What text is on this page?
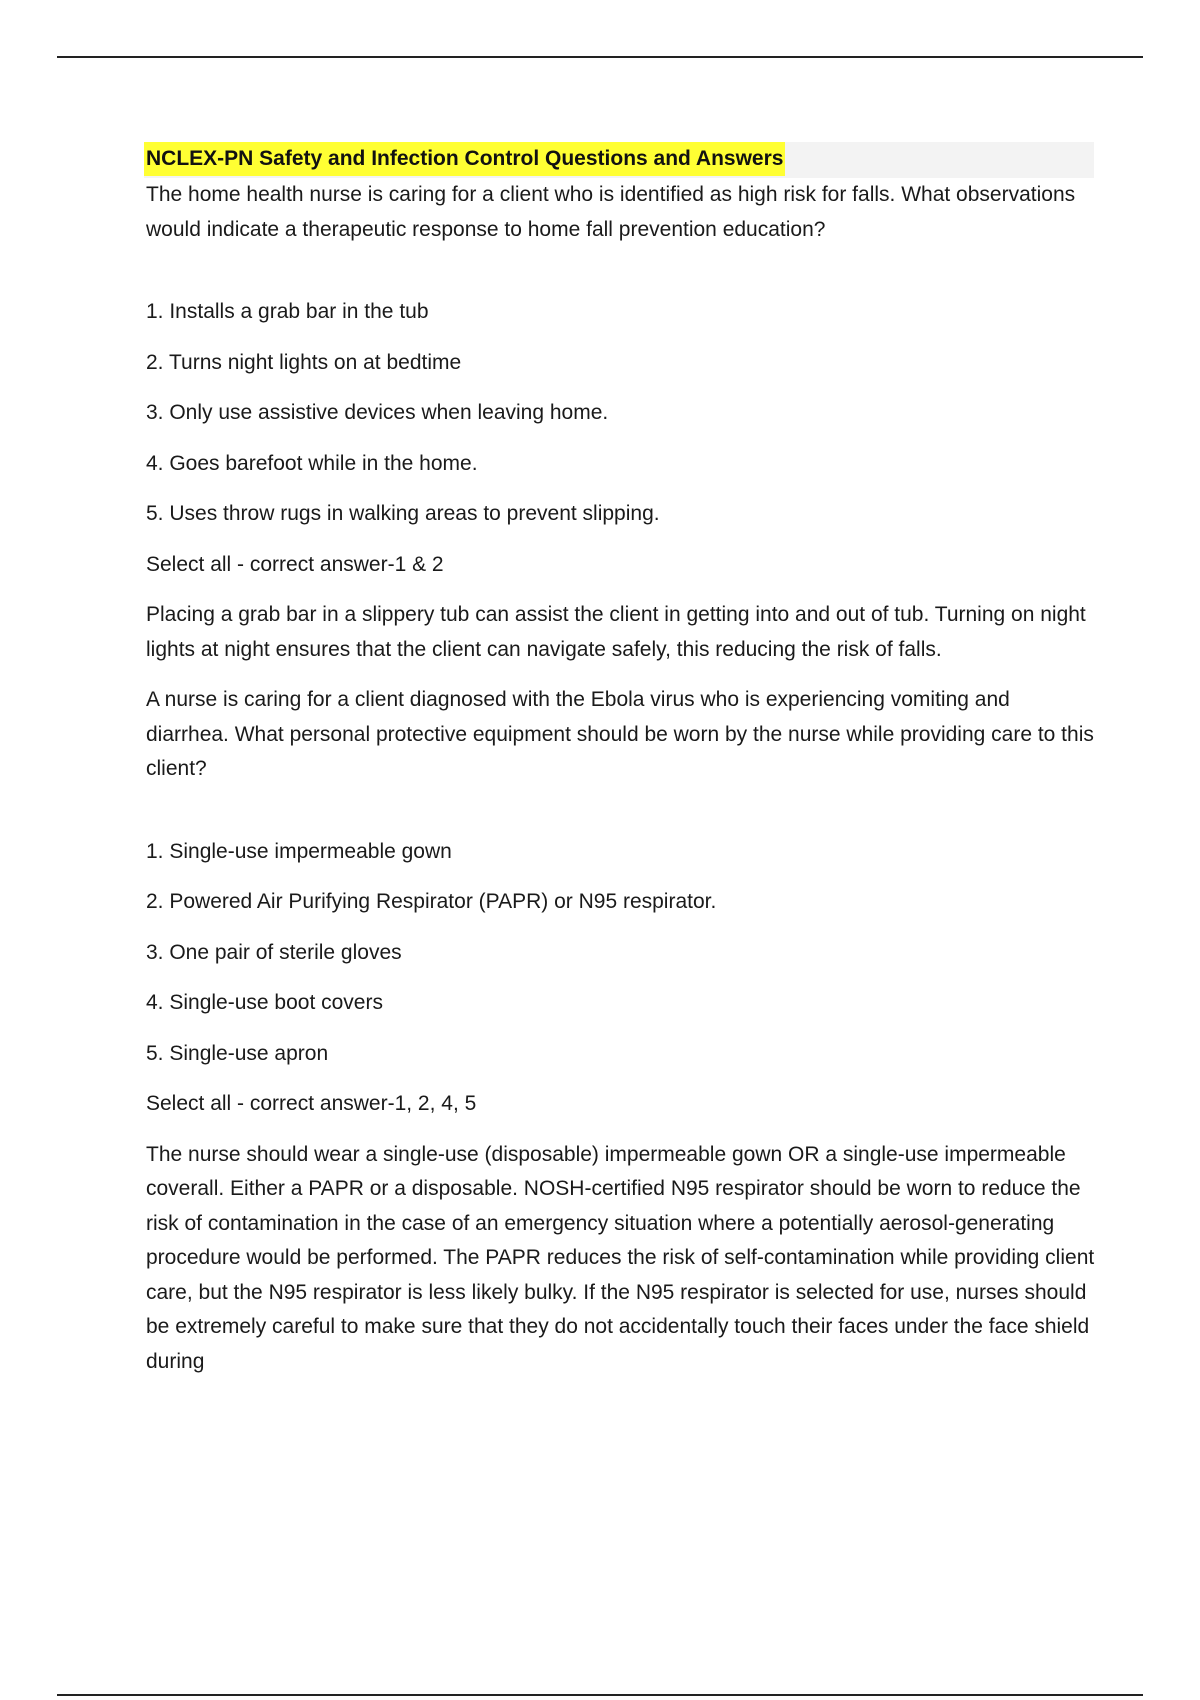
NCLEX-PN Safety and Infection Control Questions and Answers

The home health nurse is caring for a client who is identified as high risk for falls. What observations would indicate a therapeutic response to home fall prevention education?

1. Installs a grab bar in the tub

2. Turns night lights on at bedtime

3. Only use assistive devices when leaving home.

4. Goes barefoot while in the home.

5. Uses throw rugs in walking areas to prevent slipping.

Select all - correct answer-1 & 2

Placing a grab bar in a slippery tub can assist the client in getting into and out of tub. Turning on night lights at night ensures that the client can navigate safely, this reducing the risk of falls.

A nurse is caring for a client diagnosed with the Ebola virus who is experiencing vomiting and diarrhea. What personal protective equipment should be worn by the nurse while providing care to this client?

1. Single-use impermeable gown

2. Powered Air Purifying Respirator (PAPR) or N95 respirator.

3. One pair of sterile gloves

4. Single-use boot covers

5. Single-use apron

Select all - correct answer-1, 2, 4, 5

The nurse should wear a single-use (disposable) impermeable gown OR a single-use impermeable coverall. Either a PAPR or a disposable. NOSH-certified N95 respirator should be worn to reduce the risk of contamination in the case of an emergency situation where a potentially aerosol-generating procedure would be performed. The PAPR reduces the risk of self-contamination while providing client care, but the N95 respirator is less likely bulky. If the N95 respirator is selected for use, nurses should be extremely careful to make sure that they do not accidentally touch their faces under the face shield during
